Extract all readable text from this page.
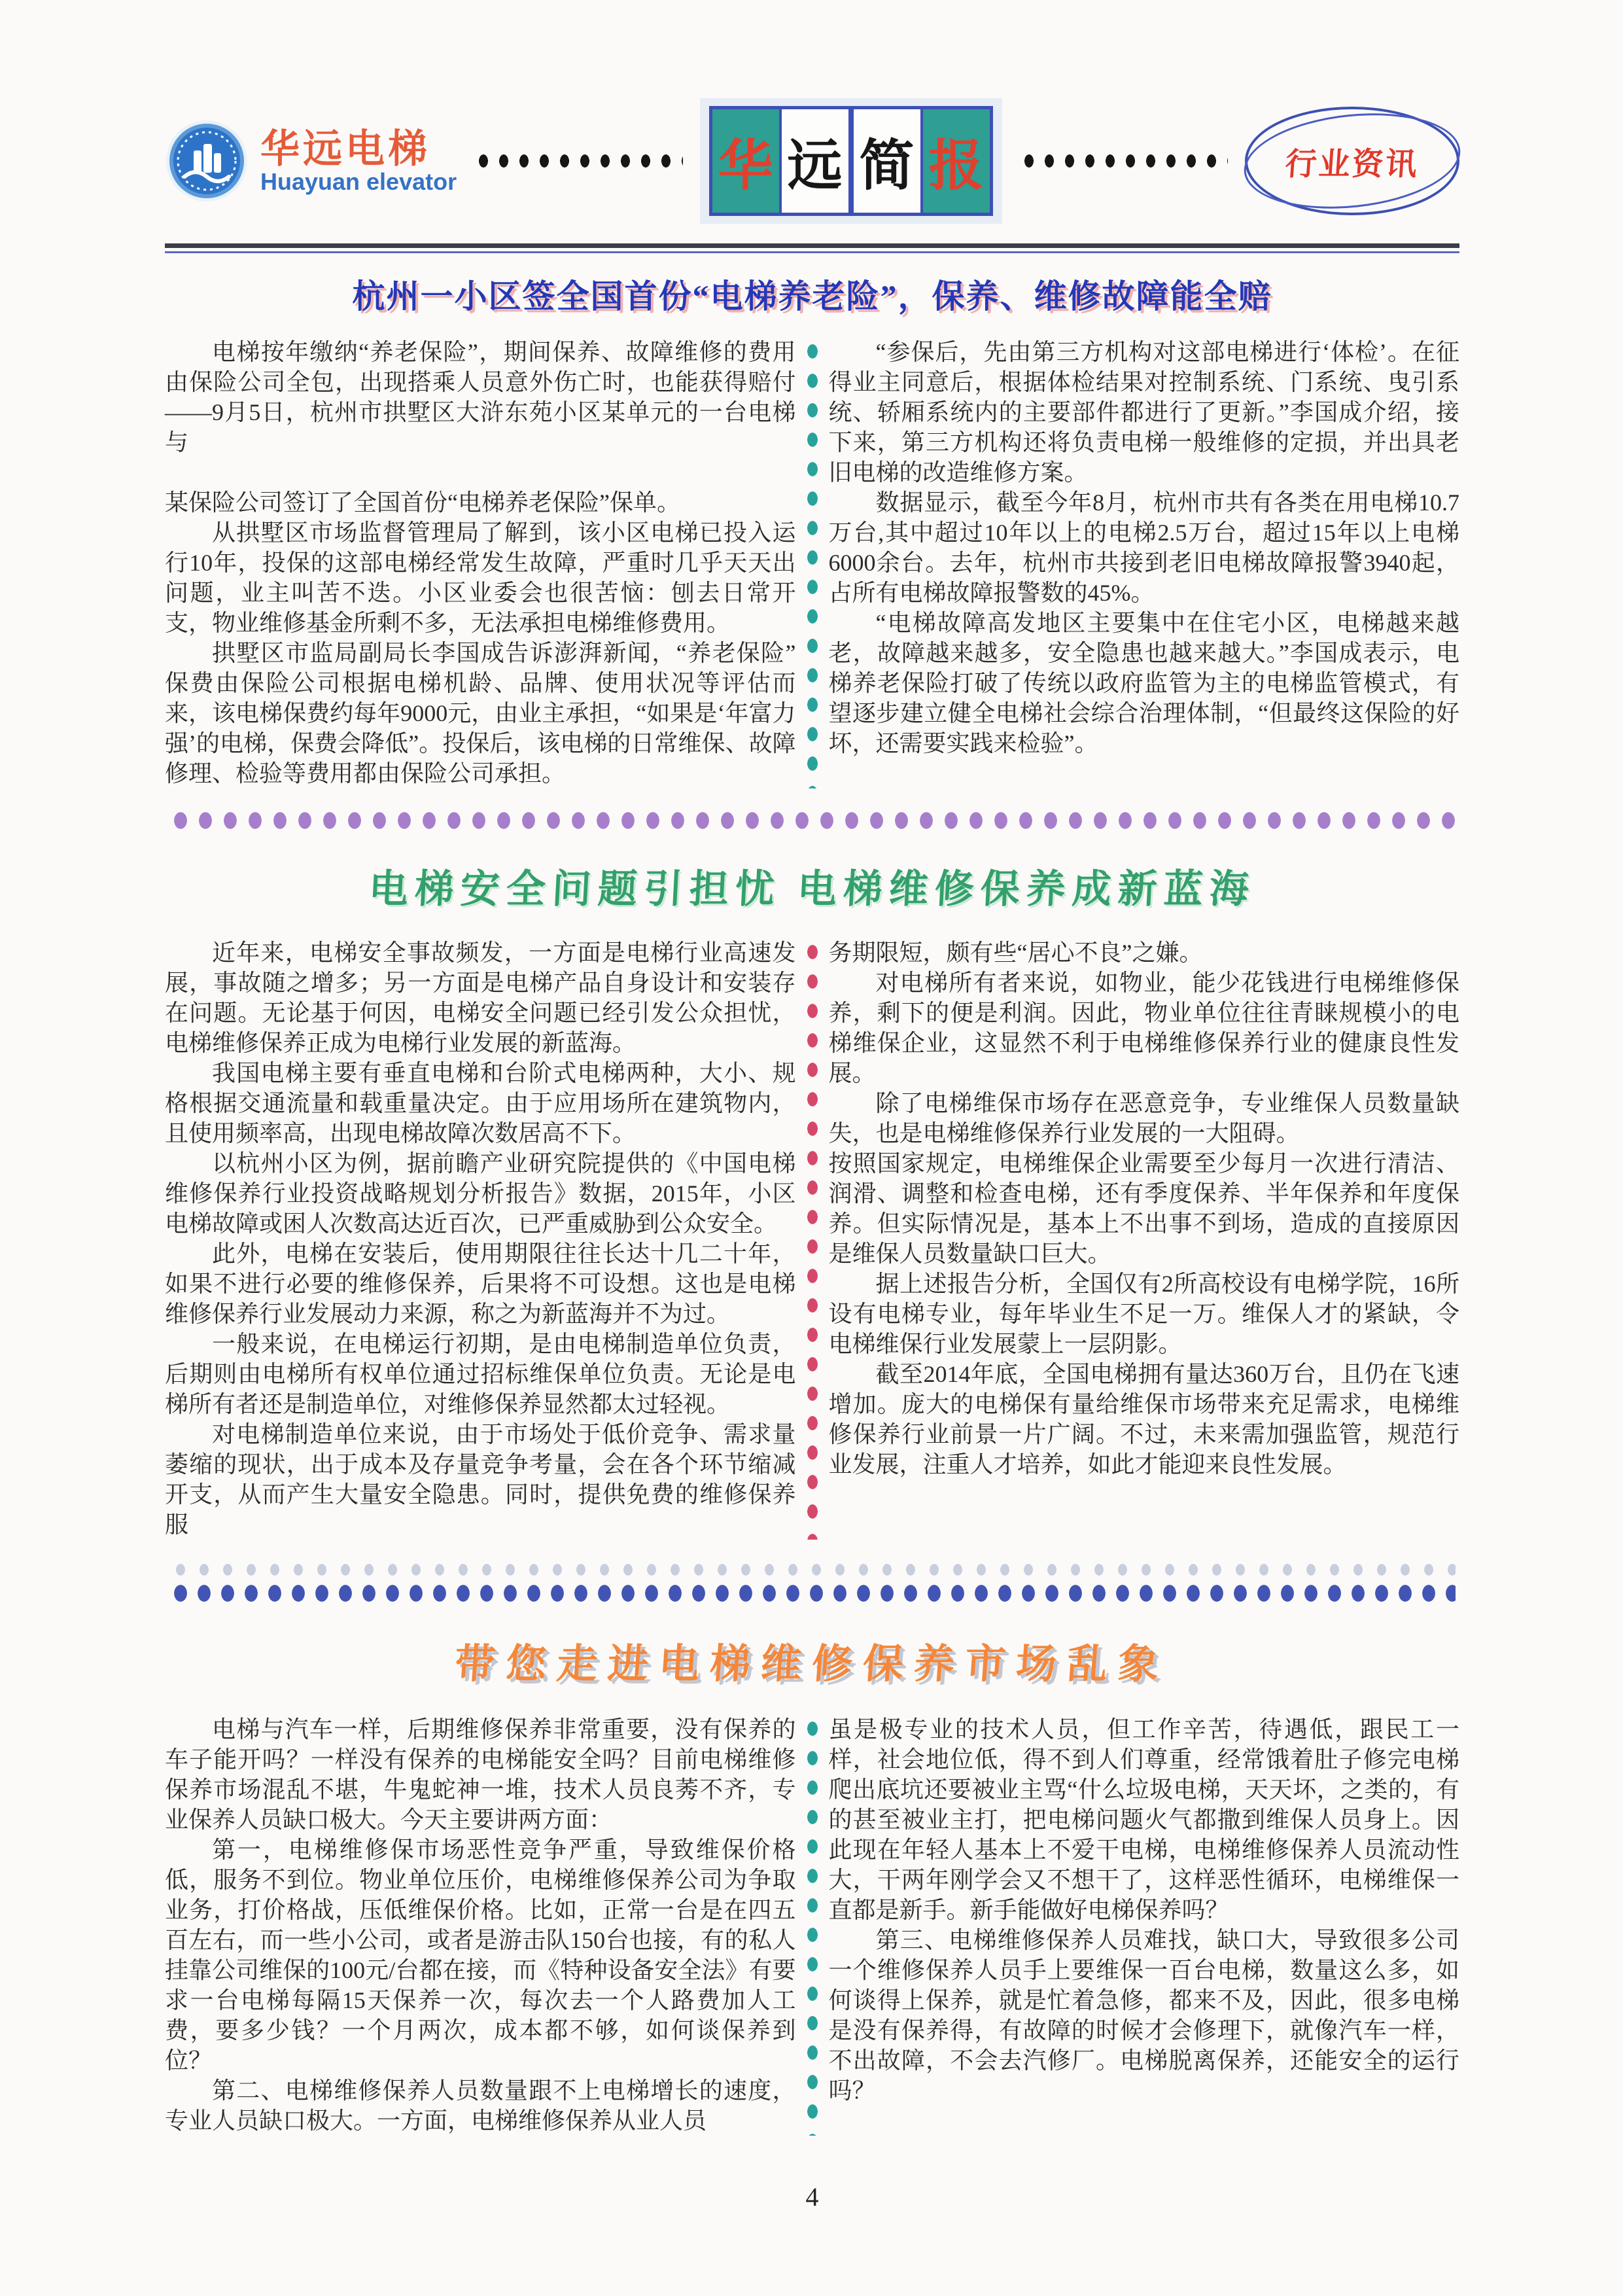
华远电梯
Huayuan elevator	华 远 简 报	行业资讯
杭州一小区签全国首份“电梯养老险”，保养、维修故障能全赔

电梯按年缴纳“养老保险”，期间保养、故障维修的费用由保险公司全包，出现搭乘人员意外伤亡时，也能获得赔付——9月5日，杭州市拱墅区大浒东苑小区某单元的一台电梯与

某保险公司签订了全国首份“电梯养老保险”保单。

从拱墅区市场监督管理局了解到，该小区电梯已投入运行10年，投保的这部电梯经常发生故障，严重时几乎天天出问题，业主叫苦不迭。小区业委会也很苦恼：刨去日常开支，物业维修基金所剩不多，无法承担电梯维修费用。

拱墅区市监局副局长李国成告诉澎湃新闻，“养老保险”保费由保险公司根据电梯机龄、品牌、使用状况等评估而来，该电梯保费约每年9000元，由业主承担，“如果是‘年富力强’的电梯，保费会降低”。投保后，该电梯的日常维保、故障修理、检验等费用都由保险公司承担。

“参保后，先由第三方机构对这部电梯进行‘体检’。在征得业主同意后，根据体检结果对控制系统、门系统、曳引系统、轿厢系统内的主要部件都进行了更新。”李国成介绍，接下来，第三方机构还将负责电梯一般维修的定损，并出具老旧电梯的改造维修方案。

数据显示，截至今年8月，杭州市共有各类在用电梯10.7万台,其中超过10年以上的电梯2.5万台，超过15年以上电梯6000余台。去年，杭州市共接到老旧电梯故障报警3940起，占所有电梯故障报警数的45%。

“电梯故障高发地区主要集中在住宅小区，电梯越来越老，故障越来越多，安全隐患也越来越大。”李国成表示，电梯养老保险打破了传统以政府监管为主的电梯监管模式，有望逐步建立健全电梯社会综合治理体制，“但最终这保险的好坏，还需要实践来检验”。

电梯安全问题引担忧 电梯维修保养成新蓝海

近年来，电梯安全事故频发，一方面是电梯行业高速发展，事故随之增多；另一方面是电梯产品自身设计和安装存在问题。无论基于何因，电梯安全问题已经引发公众担忧，电梯维修保养正成为电梯行业发展的新蓝海。

我国电梯主要有垂直电梯和台阶式电梯两种，大小、规格根据交通流量和载重量决定。由于应用场所在建筑物内，且使用频率高，出现电梯故障次数居高不下。

以杭州小区为例，据前瞻产业研究院提供的《中国电梯维修保养行业投资战略规划分析报告》数据，2015年，小区电梯故障或困人次数高达近百次，已严重威胁到公众安全。

此外，电梯在安装后，使用期限往往长达十几二十年，如果不进行必要的维修保养，后果将不可设想。这也是电梯维修保养行业发展动力来源，称之为新蓝海并不为过。

一般来说，在电梯运行初期，是由电梯制造单位负责，后期则由电梯所有权单位通过招标维保单位负责。无论是电梯所有者还是制造单位，对维修保养显然都太过轻视。

对电梯制造单位来说，由于市场处于低价竞争、需求量萎缩的现状，出于成本及存量竞争考量，会在各个环节缩减开支，从而产生大量安全隐患。同时，提供免费的维修保养服

务期限短，颇有些“居心不良”之嫌。

对电梯所有者来说，如物业，能少花钱进行电梯维修保养，剩下的便是利润。因此，物业单位往往青睐规模小的电梯维保企业，这显然不利于电梯维修保养行业的健康良性发展。

除了电梯维保市场存在恶意竞争，专业维保人员数量缺失，也是电梯维修保养行业发展的一大阻碍。

按照国家规定，电梯维保企业需要至少每月一次进行清洁、润滑、调整和检查电梯，还有季度保养、半年保养和年度保养。但实际情况是，基本上不出事不到场，造成的直接原因是维保人员数量缺口巨大。

据上述报告分析，全国仅有2所高校设有电梯学院，16所设有电梯专业，每年毕业生不足一万。维保人才的紧缺，令电梯维保行业发展蒙上一层阴影。

截至2014年底，全国电梯拥有量达360万台，且仍在飞速增加。庞大的电梯保有量给维保市场带来充足需求，电梯维修保养行业前景一片广阔。不过，未来需加强监管，规范行业发展，注重人才培养，如此才能迎来良性发展。

带您走进电梯维修保养市场乱象

电梯与汽车一样，后期维修保养非常重要，没有保养的车子能开吗？一样没有保养的电梯能安全吗？目前电梯维修保养市场混乱不堪，牛鬼蛇神一堆，技术人员良莠不齐，专业保养人员缺口极大。今天主要讲两方面：

第一，电梯维修保市场恶性竞争严重，导致维保价格低，服务不到位。物业单位压价，电梯维修保养公司为争取业务，打价格战，压低维保价格。比如，正常一台是在四五百左右，而一些小公司，或者是游击队150台也接，有的私人挂靠公司维保的100元/台都在接，而《特种设备安全法》有要求一台电梯每隔15天保养一次，每次去一个人路费加人工费，要多少钱？一个月两次，成本都不够，如何谈保养到位？

第二、电梯维修保养人员数量跟不上电梯增长的速度，专业人员缺口极大。一方面，电梯维修保养从业人员

虽是极专业的技术人员，但工作辛苦，待遇低，跟民工一样，社会地位低，得不到人们尊重，经常饿着肚子修完电梯爬出底坑还要被业主骂“什么垃圾电梯，天天坏，之类的，有的甚至被业主打，把电梯问题火气都撒到维保人员身上。因此现在年轻人基本上不爱干电梯，电梯维修保养人员流动性大，干两年刚学会又不想干了，这样恶性循环，电梯维保一直都是新手。新手能做好电梯保养吗？

第三、电梯维修保养人员难找，缺口大，导致很多公司一个维修保养人员手上要维保一百台电梯，数量这么多，如何谈得上保养，就是忙着急修，都来不及，因此，很多电梯是没有保养得，有故障的时候才会修理下，就像汽车一样，不出故障，不会去汽修厂。电梯脱离保养，还能安全的运行吗？

4
